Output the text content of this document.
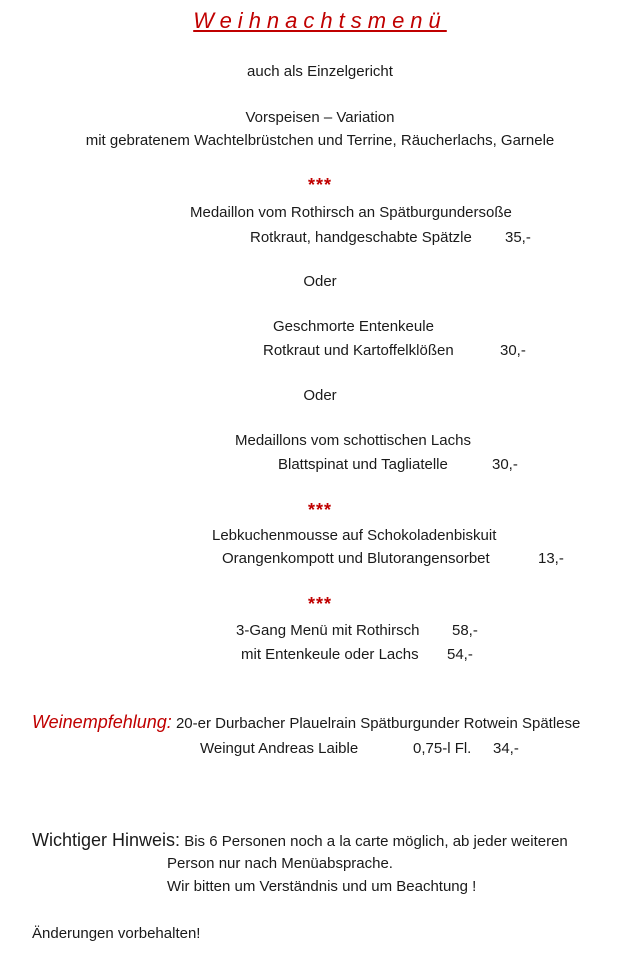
Weihnachtsmenü
auch als Einzelgericht
Vorspeisen – Variation
mit gebratenem Wachtelbrüstchen und Terrine, Räucherlachs, Garnele
***
Medaillon vom Rothirsch an Spätburgundersoße
Rotkraut, handgeschabte Spätzle 35,-
Oder
Geschmorte Entenkeule
Rotkraut und Kartoffelklößen	30,-
Oder
Medaillons vom schottischen Lachs
Blattspinat und Tagliatelle	30,-
***
Lebkuchenmousse auf Schokoladenbiskuit
Orangenkompott und Blutorangensorbet	13,-
***
3-Gang Menü mit Rothirsch 58,-
mit Entenkeule oder Lachs 54,-
Weinempfehlung: 20-er Durbacher Plauelrain Spätburgunder Rotwein Spätlese
Weingut Andreas Laible	0,75-l Fl. 34,-
Wichtiger Hinweis: Bis 6 Personen noch a la carte möglich, ab jeder weiteren
Person nur nach Menüabsprache.
Wir bitten um Verständnis und um Beachtung !
Änderungen vorbehalten!
